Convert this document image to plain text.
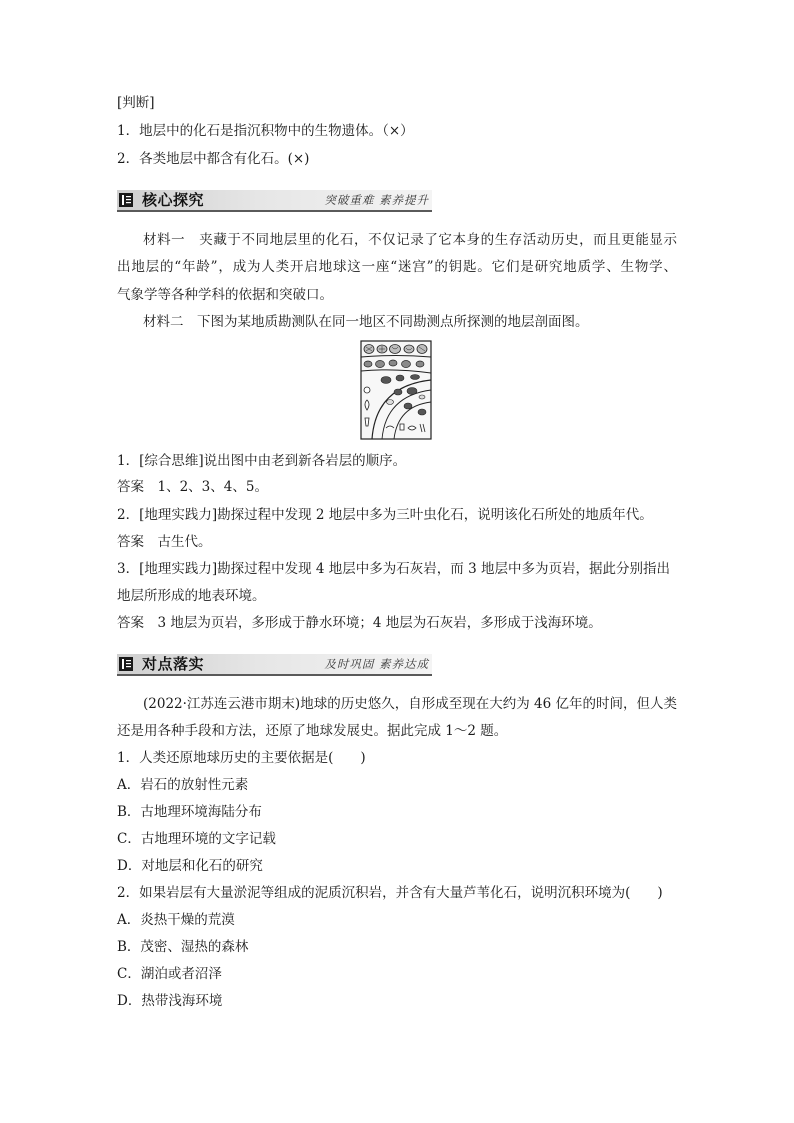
[判断]
1．地层中的化石是指沉积物中的生物遗体。（×）
2．各类地层中都含有化石。(×)
核心探究	突破重难 素养提升
材料一　夹藏于不同地层里的化石，不仅记录了它本身的生存活动历史，而且更能显示
出地层的“年龄”，成为人类开启地球这一座“迷宫”的钥匙。它们是研究地质学、生物学、
气象学等各种学科的依据和突破口。
材料二　下图为某地质勘测队在同一地区不同勘测点所探测的地层剖面图。
1．[综合思维]说出图中由老到新各岩层的顺序。
答案 1、2、3、4、5。
2．[地理实践力]勘探过程中发现 2 地层中多为三叶虫化石，说明该化石所处的地质年代。
答案 古生代。
3．[地理实践力]勘探过程中发现 4 地层中多为石灰岩，而 3 地层中多为页岩，据此分别指出
地层所形成的地表环境。
答案 3 地层为页岩，多形成于静水环境；4 地层为石灰岩，多形成于浅海环境。
对点落实	及时巩固 素养达成
(2022·江苏连云港市期末)地球的历史悠久，自形成至现在大约为 46 亿年的时间，但人类
还是用各种手段和方法，还原了地球发展史。据此完成 1～2 题。
1．人类还原地球历史的主要依据是(　　)
A．岩石的放射性元素
B．古地理环境海陆分布
C．古地理环境的文字记载
D．对地层和化石的研究
2．如果岩层有大量淤泥等组成的泥质沉积岩，并含有大量芦苇化石，说明沉积环境为(　　)
A．炎热干燥的荒漠
B．茂密、湿热的森林
C．湖泊或者沼泽
D．热带浅海环境
